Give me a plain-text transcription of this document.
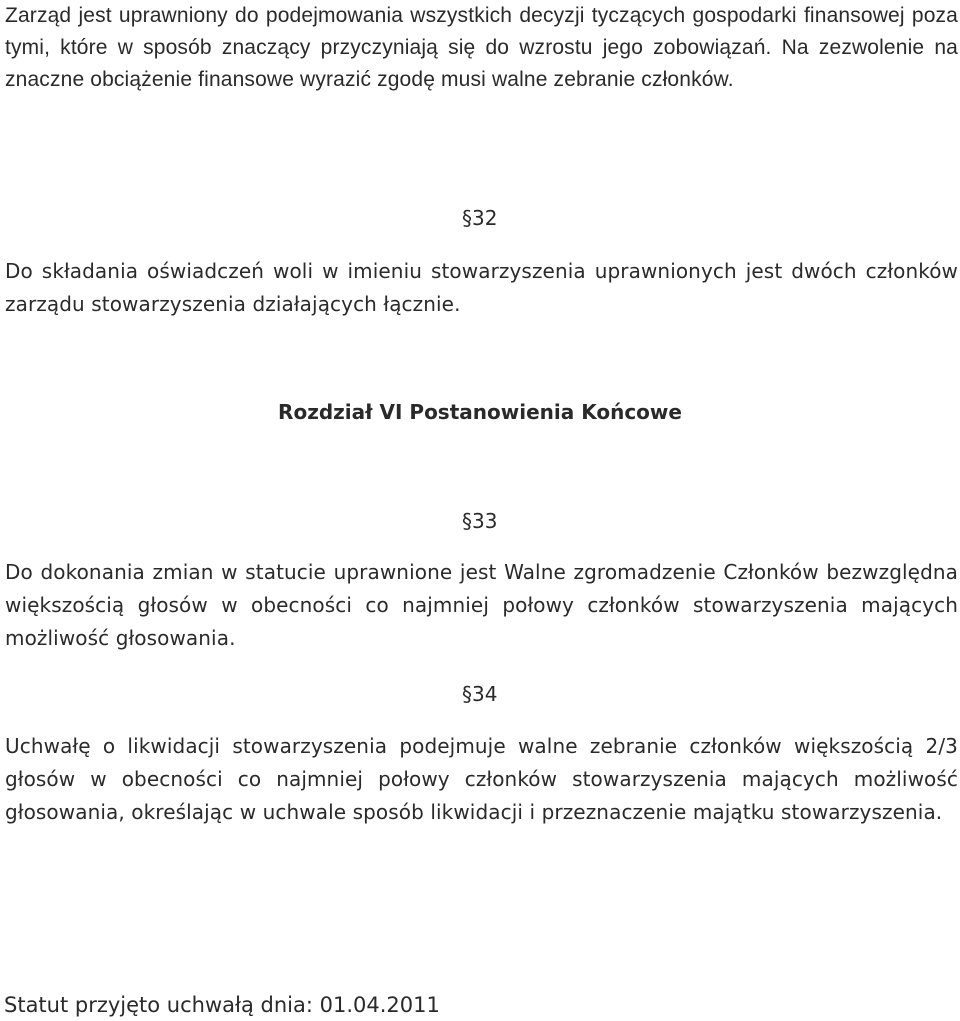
Zarząd jest uprawniony do podejmowania wszystkich decyzji tyczących gospodarki finansowej poza tymi, które w sposób znaczący przyczyniają się do wzrostu jego zobowiązań. Na zezwolenie na znaczne obciążenie finansowe wyrazić zgodę musi walne zebranie członków.
§32
Do składania oświadczeń woli w imieniu stowarzyszenia uprawnionych jest dwóch członków zarządu stowarzyszenia działających łącznie.
Rozdział VI Postanowienia Końcowe
§33
Do dokonania zmian w statucie uprawnione jest Walne zgromadzenie Członków bezwzględna większością głosów w obecności co najmniej połowy członków stowarzyszenia mających możliwość głosowania.
§34
Uchwałę o likwidacji stowarzyszenia podejmuje walne zebranie członków większością 2/3 głosów w obecności co najmniej połowy członków stowarzyszenia mających możliwość głosowania, określając w uchwale sposób likwidacji i przeznaczenie majątku stowarzyszenia.
Statut przyjęto uchwałą dnia: 01.04.2011
